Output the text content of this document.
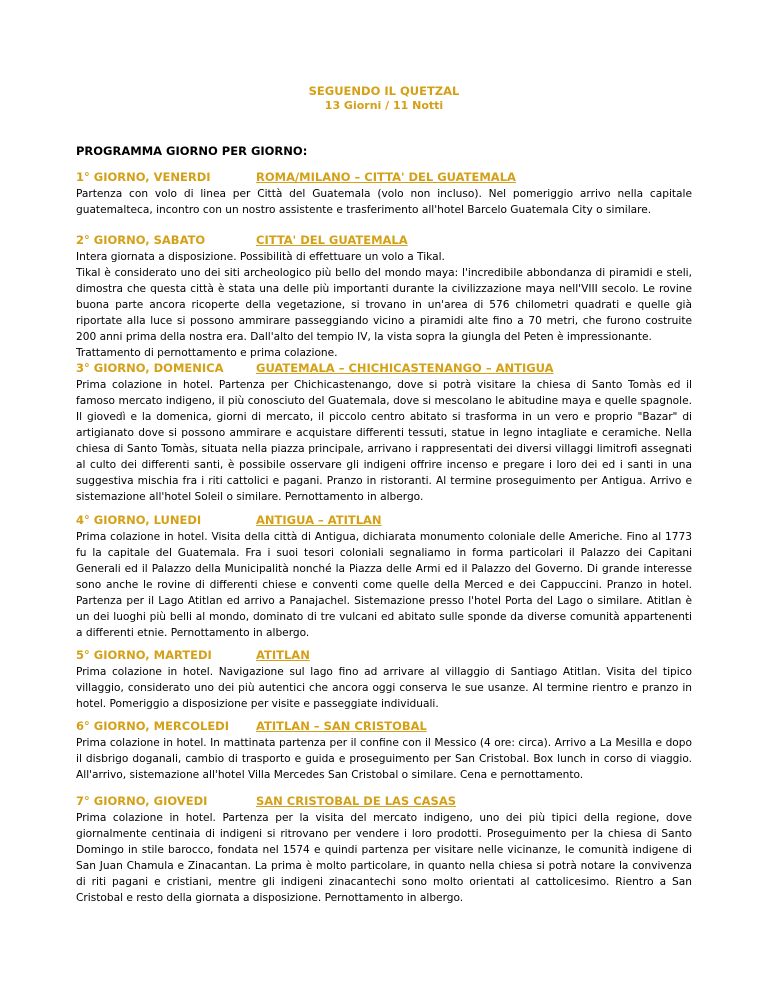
SEGUENDO IL QUETZAL
13 Giorni / 11 Notti
PROGRAMMA GIORNO PER GIORNO:
1° GIORNO, VENERDI	ROMA/MILANO – CITTA' DEL GUATEMALA

Partenza con volo di linea per Città del Guatemala (volo non incluso). Nel pomeriggio arrivo nella capitale guatemalteca, incontro con un nostro assistente e trasferimento all'hotel Barcelo Guatemala City o similare.

2° GIORNO, SABATO	CITTA' DEL GUATEMALA

Intera giornata a disposizione. Possibilità di effettuare un volo a Tikal.

Tikal è considerato uno dei siti archeologico più bello del mondo maya: l'incredibile abbondanza di piramidi e steli, dimostra che questa città è stata una delle più importanti durante la civilizzazione maya nell'VIII secolo. Le rovine buona parte ancora ricoperte della vegetazione, si trovano in un'area di 576 chilometri quadrati e quelle già riportate alla luce si possono ammirare passeggiando vicino a piramidi alte fino a 70 metri, che furono costruite 200 anni prima della nostra era. Dall'alto del tempio IV, la vista sopra la giungla del Peten è impressionante.

Trattamento di pernottamento e prima colazione.

3° GIORNO, DOMENICA	GUATEMALA – CHICHICASTENANGO – ANTIGUA

Prima colazione in hotel. Partenza per Chichicastenango, dove si potrà visitare la chiesa di Santo Tomàs ed il famoso mercato indigeno, il più conosciuto del Guatemala, dove si mescolano le abitudine maya e quelle spagnole. Il giovedì e la domenica, giorni di mercato, il piccolo centro abitato si trasforma in un vero e proprio "Bazar" di artigianato dove si possono ammirare e acquistare differenti tessuti, statue in legno intagliate e ceramiche. Nella chiesa di Santo Tomàs, situata nella piazza principale, arrivano i rappresentati dei diversi villaggi limitrofi assegnati al culto dei differenti santi, è possibile osservare gli indigeni offrire incenso e pregare i loro dei ed i santi in una suggestiva mischia fra i riti cattolici e pagani. Pranzo in ristoranti. Al termine proseguimento per Antigua. Arrivo e sistemazione all'hotel Soleil o similare. Pernottamento in albergo.

4° GIORNO, LUNEDI	ANTIGUA – ATITLAN

Prima colazione in hotel. Visita della città di Antigua, dichiarata monumento coloniale delle Americhe. Fino al 1773 fu la capitale del Guatemala. Fra i suoi tesori coloniali segnaliamo in forma particolari il Palazzo dei Capitani Generali ed il Palazzo della Municipalità nonché la Piazza delle Armi ed il Palazzo del Governo. Di grande interesse sono anche le rovine di differenti chiese e conventi come quelle della Merced e dei Cappuccini. Pranzo in hotel. Partenza per il Lago Atitlan ed arrivo a Panajachel. Sistemazione presso l'hotel Porta del Lago o similare. Atitlan è un dei luoghi più belli al mondo, dominato di tre vulcani ed abitato sulle sponde da diverse comunità appartenenti a differenti etnie. Pernottamento in albergo.

5° GIORNO, MARTEDI	ATITLAN

Prima colazione in hotel. Navigazione sul lago fino ad arrivare al villaggio di Santiago Atitlan. Visita del tipico villaggio, considerato uno dei più autentici che ancora oggi conserva le sue usanze. Al termine rientro e pranzo in hotel. Pomeriggio a disposizione per visite e passeggiate individuali.

6° GIORNO, MERCOLEDI ATITLAN – SAN CRISTOBAL

Prima colazione in hotel. In mattinata partenza per il confine con il Messico (4 ore: circa). Arrivo a La Mesilla e dopo il disbrigo doganali, cambio di trasporto e guida e proseguimento per San Cristobal. Box lunch in corso di viaggio. All'arrivo, sistemazione all'hotel Villa Mercedes San Cristobal o similare. Cena e pernottamento.

7° GIORNO, GIOVEDI	SAN CRISTOBAL DE LAS CASAS

Prima colazione in hotel. Partenza per la visita del mercato indigeno, uno dei più tipici della regione, dove giornalmente centinaia di indigeni si ritrovano per vendere i loro prodotti. Proseguimento per la chiesa di Santo Domingo in stile barocco, fondata nel 1574 e quindi partenza per visitare nelle vicinanze, le comunità indigene di San Juan Chamula e Zinacantan. La prima è molto particolare, in quanto nella chiesa si potrà notare la convivenza di riti pagani e cristiani, mentre gli indigeni zinacantechi sono molto orientati al cattolicesimo. Rientro a San Cristobal e resto della giornata a disposizione. Pernottamento in albergo.
